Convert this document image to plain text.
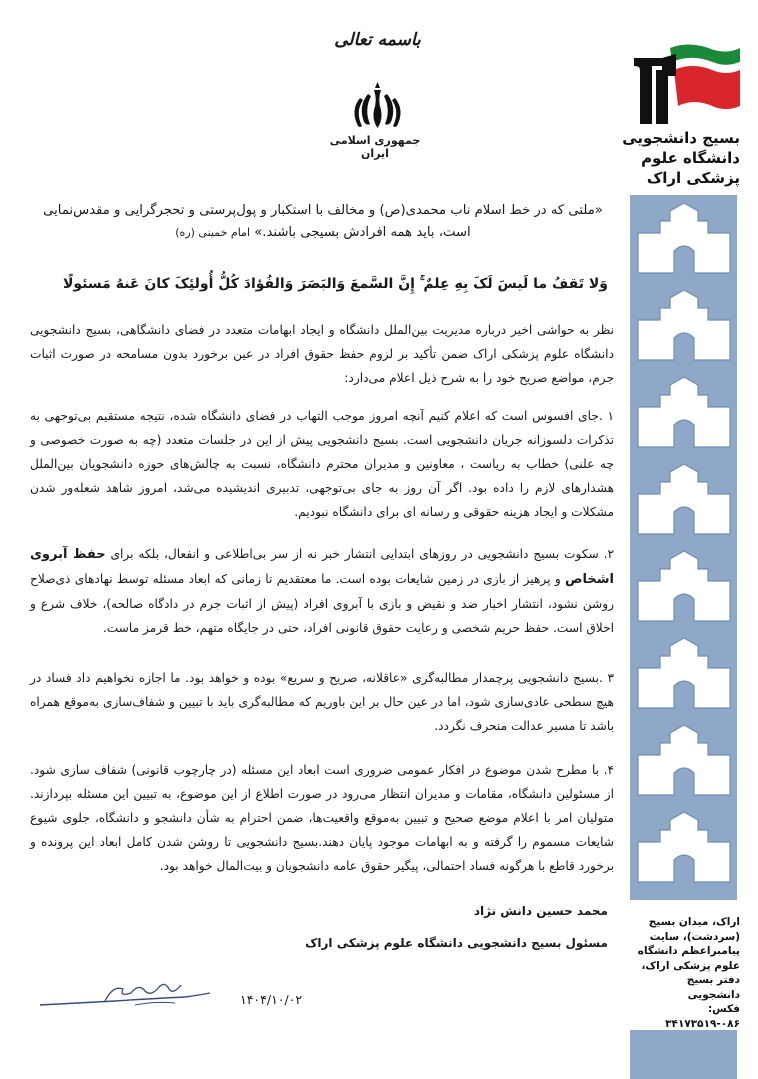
بسیج دانشجویی
دانشگاه علوم
پزشکی اراک
اراک، میدان بسیج
(سردشت)، سایت
پیامبراعظم دانشگاه
علوم پزشکی اراک،
دفتر بسیج دانشجویی
فکس: ۰۸۶-۳۴۱۷۳۵۱۹
باسمه تعالی
جمهوری اسلامی ایران
«ملتی که در خط اسلام ناب محمدی(ص) و مخالف با استکبار و پول‌پرستی و تحجرگرایی و مقدس‌نمایی است، باید همه افرادش بسیجی باشند.» امام خمینی (ره)
وَلا تَقفُ ما لَیسَ لَکَ بِهِ عِلمٌ ۚ إِنَّ السَّمعَ وَالبَصَرَ وَالفُؤادَ کُلُّ أُولئِکَ کانَ عَنهُ مَسئولًا
نظر به حواشی اخیر درباره مدیریت بین‌الملل دانشگاه و ایجاد ابهامات متعدد در فضای دانشگاهی، بسیج دانشجویی دانشگاه علوم پزشکی اراک ضمن تأکید بر لزوم حفظ حقوق افراد در عین برخورد بدون مسامحه در صورت اثبات جرم، مواضع صریح خود را به شرح ذیل اعلام می‌دارد:
۱ .جای افسوس است که اعلام کنیم آنچه امروز موجب التهاب در فضای دانشگاه شده، نتیجه مستقیم بی‌توجهی به تذکرات دلسوزانه جریان دانشجویی است. بسیج دانشجویی پیش از این در جلسات متعدد (چه به صورت خصوصی و چه علنی) خطاب به ریاست ، معاونین و مدیران محترم دانشگاه، نسبت به چالش‌های حوزه دانشجویان بین‌الملل هشدارهای لازم را داده بود. اگر آن روز به جای بی‌توجهی، تدبیری اندیشیده می‌شد، امروز شاهد شعله‌ور شدن مشکلات و ایجاد هزینه حقوقی و رسانه ای برای دانشگاه نبودیم.
۲. سکوت بسیج دانشجویی در روزهای ابتدایی انتشار خبر نه از سر بی‌اطلاعی و انفعال، بلکه برای حفظ آبروی اشخاص و پرهیز از بازی در زمین شایعات بوده است. ما معتقدیم تا زمانی که ابعاد مسئله توسط نهادهای ذی‌صلاح روشن نشود، انتشار اخبار ضد و نقیض و بازی با آبروی افراد (پیش از اثبات جرم در دادگاه صالحه)، خلاف شرع و اخلاق است. حفظ حریم شخصی و رعایت حقوق قانونی افراد، حتی در جایگاه متهم، خط قرمز ماست.
۳ .بسیج دانشجویی پرچمدار مطالبه‌گری «عاقلانه، صریح و سریع» بوده و خواهد بود. ما اجازه نخواهیم داد فساد در هیچ سطحی عادی‌سازی شود، اما در عین حال بر این باوریم که مطالبه‌گری باید با تبیین و شفاف‌سازی به‌موقع همراه باشد تا مسیر عدالت منحرف نگردد.
۴. با مطرح شدن موضوع در افکار عمومی ضروری است ابعاد این مسئله (در چارچوب قانونی) شفاف سازی شود. از مسئولین دانشگاه، مقامات و مدیران انتظار می‌رود در صورت اطلاع از این موضوع، به تبیین این مسئله بپردازند. متولیان امر با اعلام موضع صحیح و تبیین به‌موقع واقعیت‌ها، ضمن احترام به شأن دانشجو و دانشگاه، جلوی شیوع شایعات مسموم را گرفته و به ابهامات موجود پایان دهند.بسیج دانشجویی تا روشن شدن کامل ابعاد این پرونده و برخورد قاطع با هرگونه فساد احتمالی، پیگیر حقوق عامه دانشجویان و بیت‌المال خواهد بود.
محمد حسین دانش نژاد
مسئول بسیج دانشجویی دانشگاه علوم پزشکی اراک
۱۴۰۴/۱۰/۰۲
